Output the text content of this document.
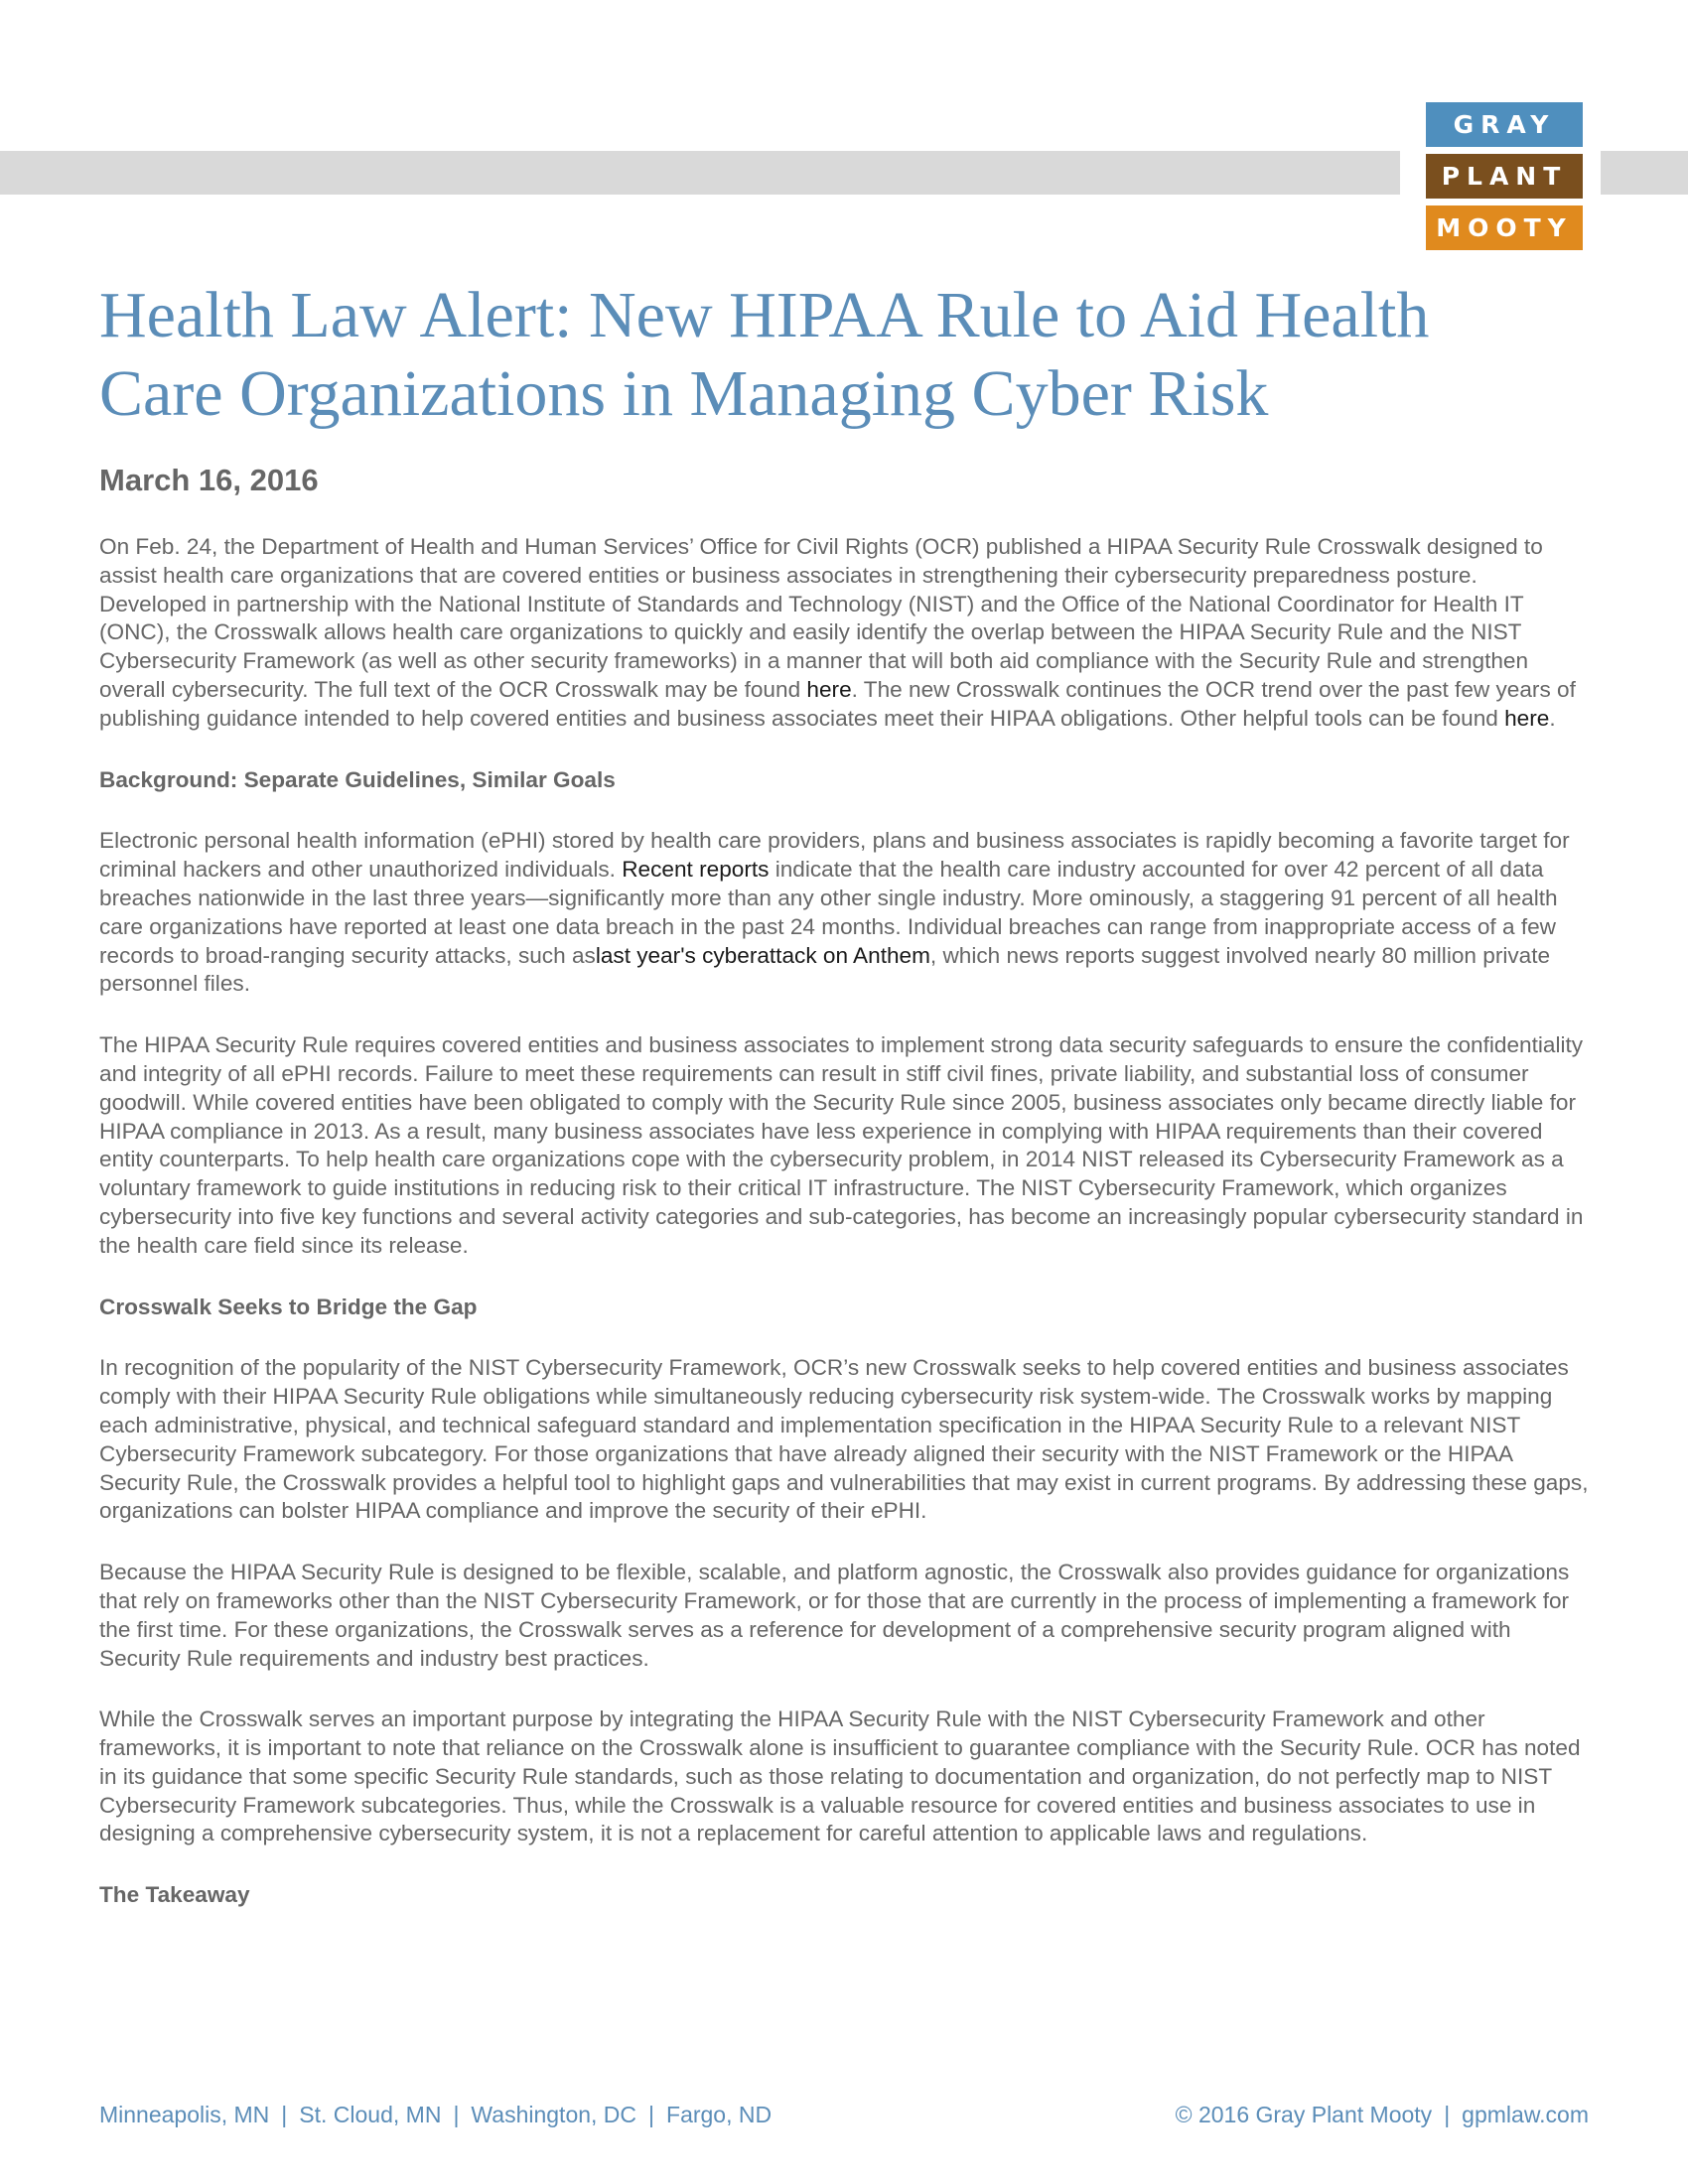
GRAY
PLANT
MOOTY
Health Law Alert: New HIPAA Rule to Aid Health Care Organizations in Managing Cyber Risk
March 16, 2016

On Feb. 24, the Department of Health and Human Services’ Office for Civil Rights (OCR) published a HIPAA Security Rule Crosswalk designed to assist health care organizations that are covered entities or business associates in strengthening their cybersecurity preparedness posture. Developed in partnership with the National Institute of Standards and Technology (NIST) and the Office of the National Coordinator for Health IT (ONC), the Crosswalk allows health care organizations to quickly and easily identify the overlap between the HIPAA Security Rule and the NIST Cybersecurity Framework (as well as other security frameworks) in a manner that will both aid compliance with the Security Rule and strengthen overall cybersecurity. The full text of the OCR Crosswalk may be found here. The new Crosswalk continues the OCR trend over the past few years of publishing guidance intended to help covered entities and business associates meet their HIPAA obligations. Other helpful tools can be found here.

Background: Separate Guidelines, Similar Goals

Electronic personal health information (ePHI) stored by health care providers, plans and business associates is rapidly becoming a favorite target for criminal hackers and other unauthorized individuals. Recent reports indicate that the health care industry accounted for over 42 percent of all data breaches nationwide in the last three years—significantly more than any other single industry. More ominously, a staggering 91 percent of all health care organizations have reported at least one data breach in the past 24 months. Individual breaches can range from inappropriate access of a few records to broad-ranging security attacks, such aslast year's cyberattack on Anthem, which news reports suggest involved nearly 80 million private personnel files.

The HIPAA Security Rule requires covered entities and business associates to implement strong data security safeguards to ensure the confidentiality and integrity of all ePHI records. Failure to meet these requirements can result in stiff civil fines, private liability, and substantial loss of consumer goodwill. While covered entities have been obligated to comply with the Security Rule since 2005, business associates only became directly liable for HIPAA compliance in 2013. As a result, many business associates have less experience in complying with HIPAA requirements than their covered entity counterparts. To help health care organizations cope with the cybersecurity problem, in 2014 NIST released its Cybersecurity Framework as a voluntary framework to guide institutions in reducing risk to their critical IT infrastructure. The NIST Cybersecurity Framework, which organizes cybersecurity into five key functions and several activity categories and sub-categories, has become an increasingly popular cybersecurity standard in the health care field since its release.

Crosswalk Seeks to Bridge the Gap

In recognition of the popularity of the NIST Cybersecurity Framework, OCR’s new Crosswalk seeks to help covered entities and business associates comply with their HIPAA Security Rule obligations while simultaneously reducing cybersecurity risk system-wide. The Crosswalk works by mapping each administrative, physical, and technical safeguard standard and implementation specification in the HIPAA Security Rule to a relevant NIST Cybersecurity Framework subcategory. For those organizations that have already aligned their security with the NIST Framework or the HIPAA Security Rule, the Crosswalk provides a helpful tool to highlight gaps and vulnerabilities that may exist in current programs. By addressing these gaps, organizations can bolster HIPAA compliance and improve the security of their ePHI.

Because the HIPAA Security Rule is designed to be flexible, scalable, and platform agnostic, the Crosswalk also provides guidance for organizations that rely on frameworks other than the NIST Cybersecurity Framework, or for those that are currently in the process of implementing a framework for the first time. For these organizations, the Crosswalk serves as a reference for development of a comprehensive security program aligned with Security Rule requirements and industry best practices.

While the Crosswalk serves an important purpose by integrating the HIPAA Security Rule with the NIST Cybersecurity Framework and other frameworks, it is important to note that reliance on the Crosswalk alone is insufficient to guarantee compliance with the Security Rule. OCR has noted in its guidance that some specific Security Rule standards, such as those relating to documentation and organization, do not perfectly map to NIST Cybersecurity Framework subcategories. Thus, while the Crosswalk is a valuable resource for covered entities and business associates to use in designing a comprehensive cybersecurity system, it is not a replacement for careful attention to applicable laws and regulations.

The Takeaway

Minneapolis, MN | St. Cloud, MN | Washington, DC | Fargo, ND	© 2016 Gray Plant Mooty | gpmlaw.com
